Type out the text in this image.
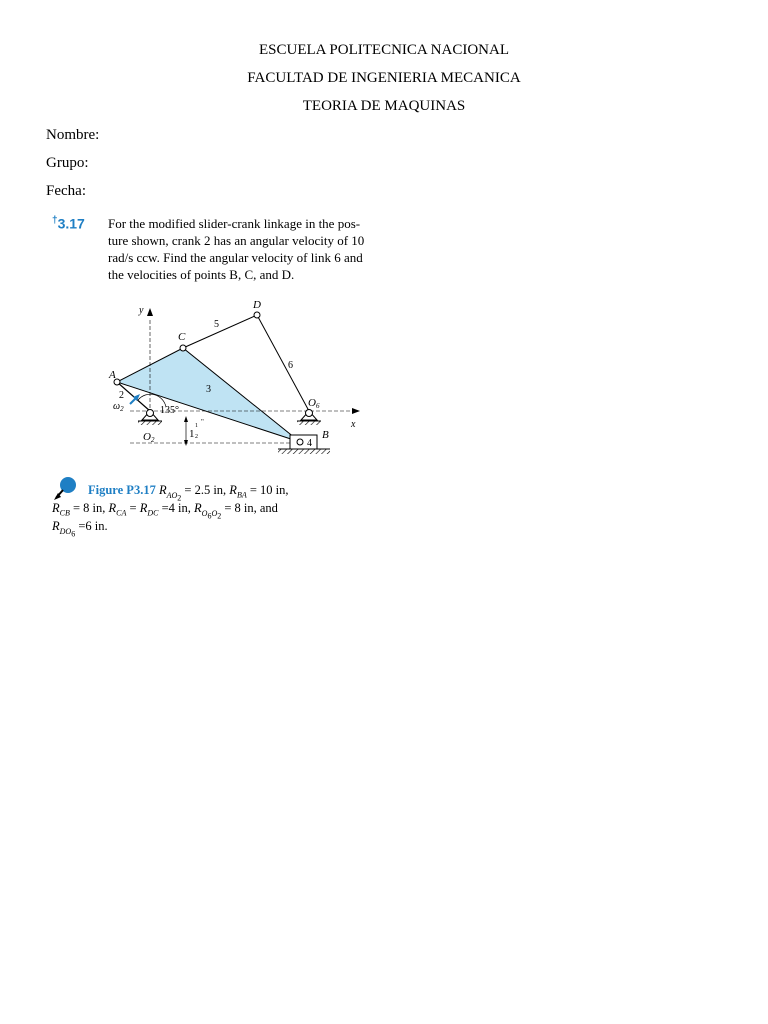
ESCUELA POLITECNICA NACIONAL
FACULTAD DE INGENIERIA MECANICA
TEORIA DE MAQUINAS
Nombre:
Grupo:
Fecha:
†3.17 For the modified slider-crank linkage in the pos-
ture shown, crank 2 has an angular velocity of 10
rad/s ccw. Find the angular velocity of link 6 and
the velocities of points B, C, and D.
A
C
D
B
2
3
4
5
6
$\omega_2$	135°
O2
O6
1
1
2
"	x
y
Figure P3.17 $R_{AO_2} = 2.5$ in, $R_{BA} = 10$ in,
$R_{CB} = 8$ in, $R_{CA} = R_{DC} =4$ in, $R_{O_6O_2} = 8$ in, and
$R_{DO_6} =6$ in.
